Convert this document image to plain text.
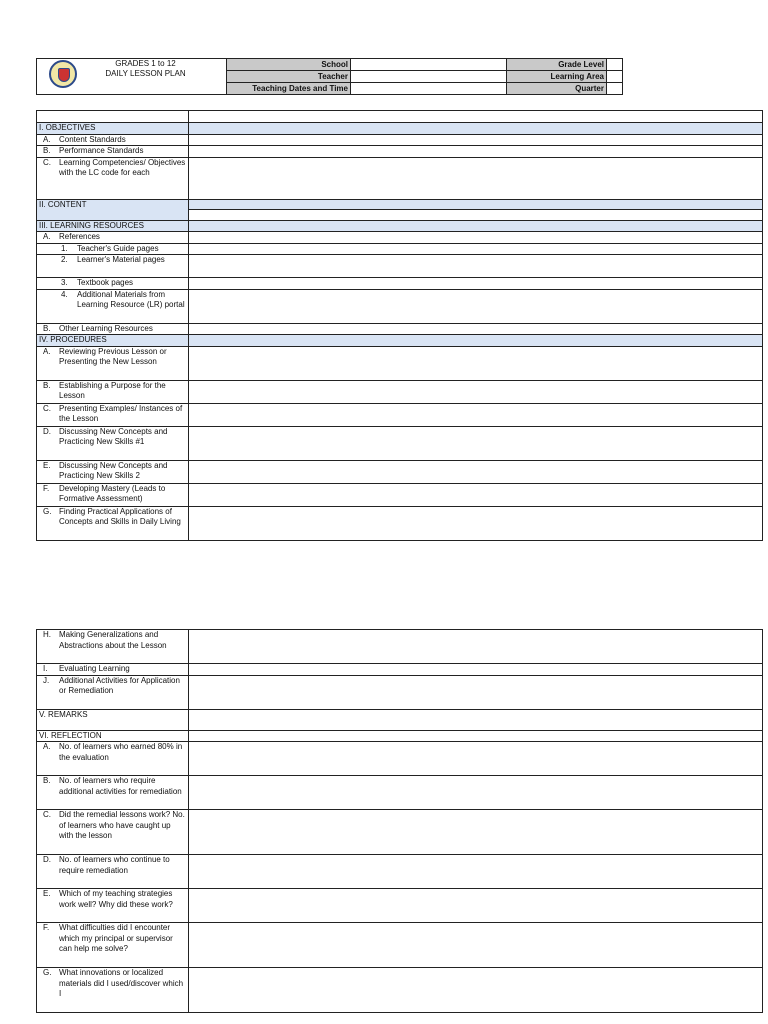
GRADES 1 to 12
DAILY LESSON PLAN	School		Grade Level	
	Teacher		Learning Area	
	Teaching Dates and Time		Quarter	

I. OBJECTIVES	

A. Content Standards	

B. Performance Standards	

C. Learning Competencies/ Objectives with the LC code for each	

II. CONTENT	

III. LEARNING RESOURCES	

A. References	

1. Teacher's Guide pages	

2. Learner's Material pages	

3. Textbook pages	

4. Additional Materials from Learning Resource (LR) portal	

B. Other Learning Resources	

IV. PROCEDURES	

A. Reviewing Previous Lesson or Presenting the New Lesson	

B. Establishing a Purpose for the Lesson	

C. Presenting Examples/ Instances of the Lesson	

D. Discussing New Concepts and Practicing New Skills #1	

E. Discussing New Concepts and Practicing New Skills 2	

F. Developing Mastery (Leads to Formative Assessment)	

G. Finding Practical Applications of Concepts and Skills in Daily Living	

H. Making Generalizations and Abstractions about the Lesson	

I. Evaluating Learning	

J. Additional Activities for Application or Remediation	

V. REMARKS	
VI. REFLECTION	

A. No. of learners who earned 80% in the evaluation	

B. No. of learners who require additional activities for remediation	

C. Did the remedial lessons work? No. of learners who have caught up with the lesson	

D. No. of learners who continue to require remediation	

E. Which of my teaching strategies work well? Why did these work?	

F. What difficulties did I encounter which my principal or supervisor can help me solve?	

G. What innovations or localized materials did I used/discover which I	
